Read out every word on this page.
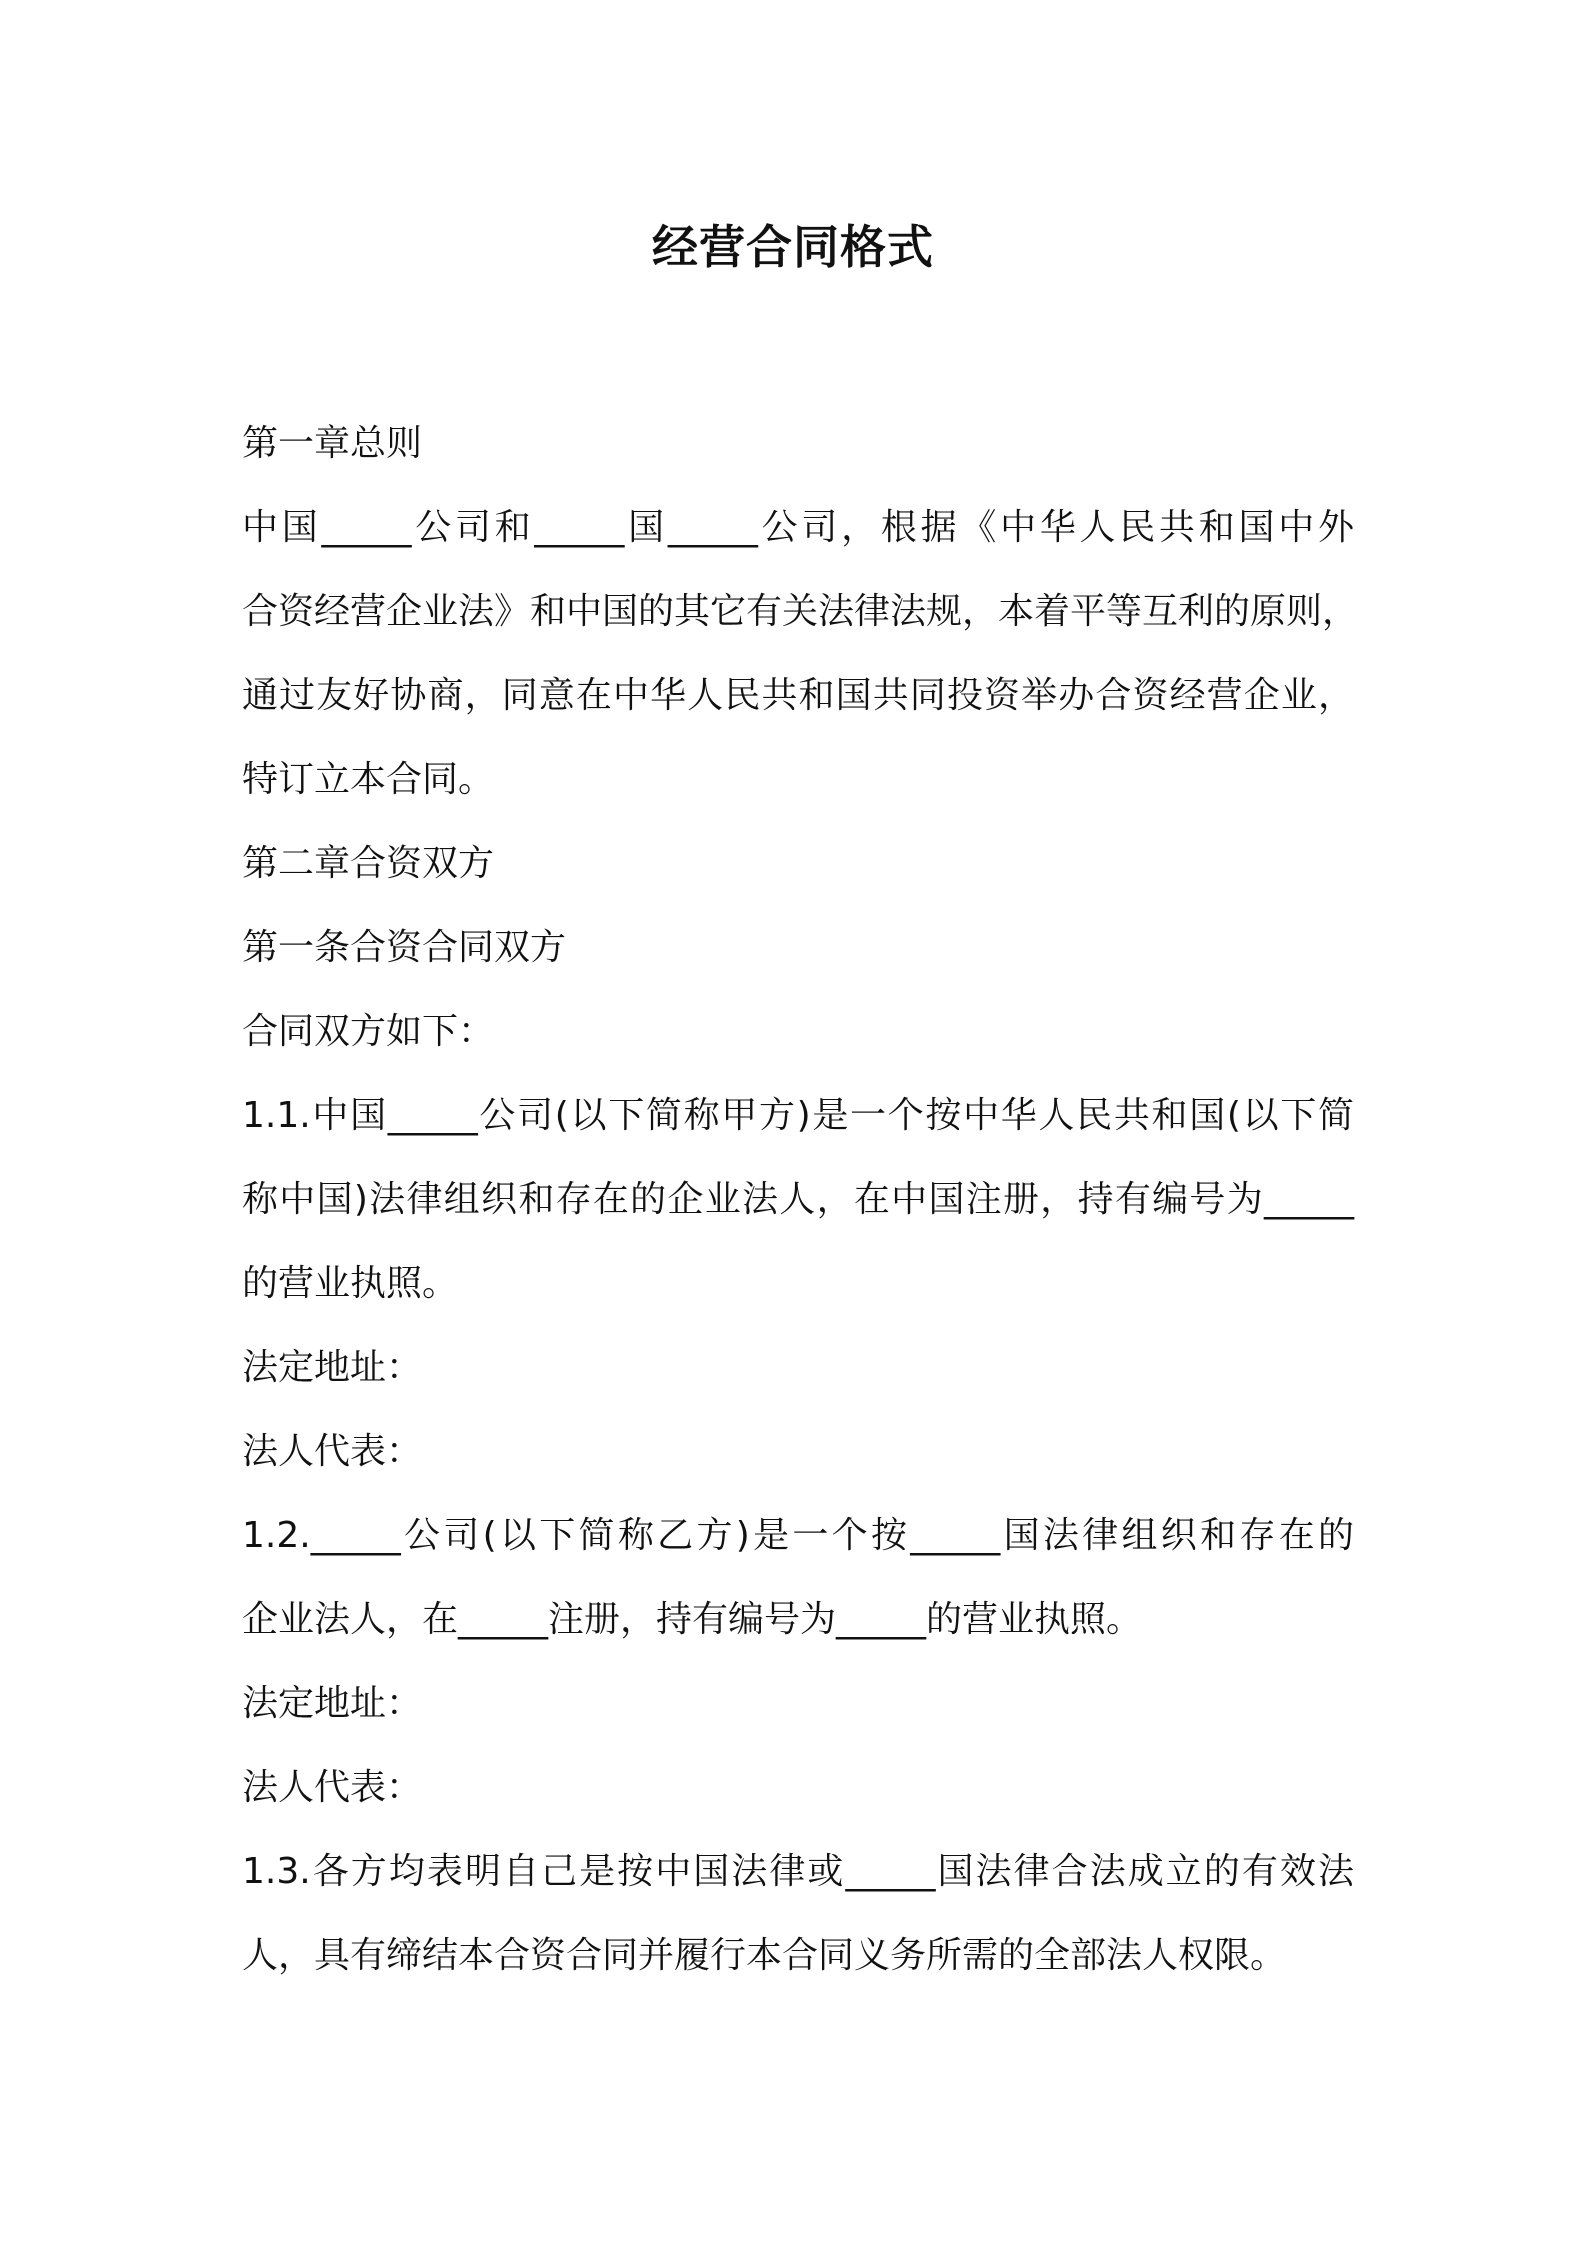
经营合同格式
第一章总则
中国_____公司和_____国_____公司，根据《中华人民共和国中外
合资经营企业法》和中国的其它有关法律法规，本着平等互利的原则，
通过友好协商，同意在中华人民共和国共同投资举办合资经营企业，
特订立本合同。
第二章合资双方
第一条合资合同双方
合同双方如下：
1.1.中国_____公司(以下简称甲方)是一个按中华人民共和国(以下简
称中国)法律组织和存在的企业法人，在中国注册，持有编号为_____
的营业执照。
法定地址：
法人代表：
1.2._____公司(以下简称乙方)是一个按_____国法律组织和存在的
企业法人，在_____注册，持有编号为_____的营业执照。
法定地址：
法人代表：
1.3.各方均表明自己是按中国法律或_____国法律合法成立的有效法
人，具有缔结本合资合同并履行本合同义务所需的全部法人权限。
